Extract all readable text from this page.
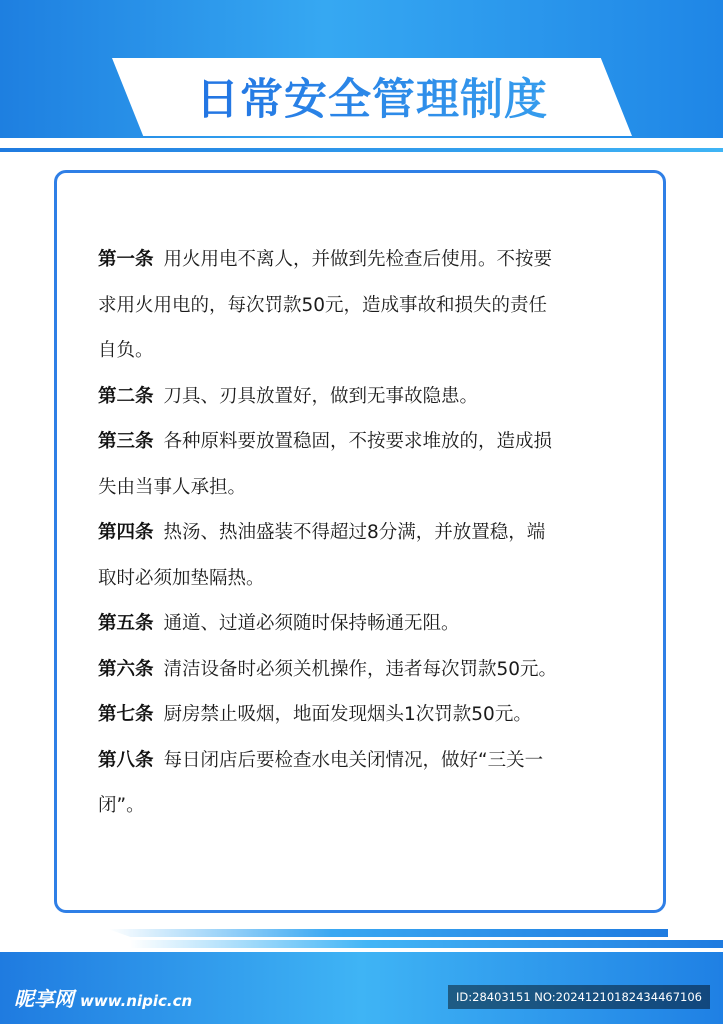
日常安全管理制度
第一条 用火用电不离人，并做到先检查后使用。不按要
求用火用电的，每次罚款50元，造成事故和损失的责任
自负。
第二条 刀具、刃具放置好，做到无事故隐患。
第三条 各种原料要放置稳固，不按要求堆放的，造成损
失由当事人承担。
第四条 热汤、热油盛装不得超过8分满，并放置稳，端
取时必须加垫隔热。
第五条 通道、过道必须随时保持畅通无阻。
第六条 清洁设备时必须关机操作，违者每次罚款50元。
第七条 厨房禁止吸烟，地面发现烟头1次罚款50元。
第八条 每日闭店后要检查水电关闭情况，做好“三关一
闭”。
昵享网 www.nipic.cn	ID:28403151 NO:20241210182434467106
